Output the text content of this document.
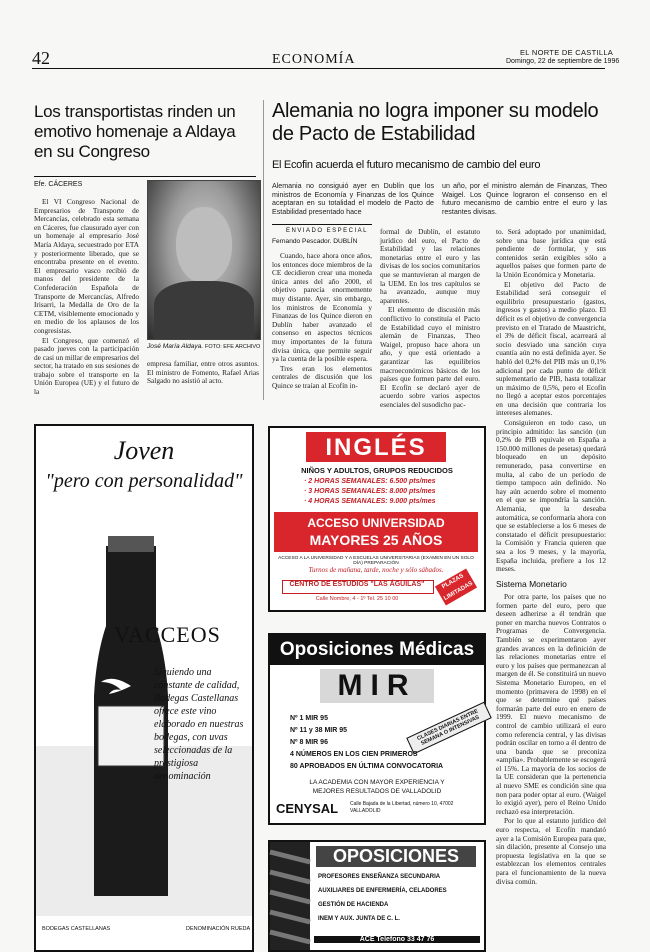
42	ECONOMÍA	EL NORTE DE CASTILLA
Domingo, 22 de septiembre de 1996
Los transportistas rinden un emotivo homenaje a Aldaya en su Congreso
Efe. CÁCERES

El VI Congreso Nacional de Empresarios de Transporte de Mercancías, celebrado esta semana en Cáceres, fue clausurado ayer con un homenaje al empresario José María Aldaya, secuestrado por ETA y posteriormente liberado, que se encontraba presente en el evento. El empresario vasco recibió de manos del presidente de la Confederación Española de Transporte de Mercancías, Alfredo Irisarri, la Medalla de Oro de la CETM, visiblemente emocionado y en medio de los aplausos de los congresistas.

El Congreso, que comenzó el pasado jueves con la participación de casi un millar de empresarios del sector, ha tratado en sus sesiones de trabajo sobre el transporte en la Unión Europea (UE) y el futuro de la

José María Aldaya. FOTO: EFE ARCHIVO

empresa familiar, entre otros asuntos. El ministro de Fomento, Rafael Arias Salgado no asistió al acto.

Alemania no logra imponer su modelo de Pacto de Estabilidad
El Ecofin acuerda el futuro mecanismo de cambio del euro
Alemania no consiguió ayer en Dublín que los ministros de Economía y Finanzas de los Quince aceptaran en su totalidad el modelo de Pacto de Estabilidad presentado hace
un año, por el ministro alemán de Finanzas, Theo Waigel. Los Quince lograron el consenso en el futuro mecanismo de cambio entre el euro y las restantes divisas.
ENVIADO ESPECIAL
Fernando Pescador. DUBLÍN

Cuando, hace ahora once años, los entonces doce miembros de la CE decidieron crear una moneda única antes del año 2000, el objetivo parecía enormemente muy distante. Ayer, sin embargo, los ministros de Economía y Finanzas de los Quince dieron en Dublín haber avanzado el consenso en aspectos técnicos muy importantes de la futura divisa única, que permite seguir ya la cuenta de la posible espera.

Tres eran los elementos centrales de discusión que los Quince se traían al Ecofín in-

formal de Dublín, el estatuto jurídico del euro, el Pacto de Estabilidad y las relaciones monetarias entre el euro y las divisas de los socios comunitarios que se mantuvieran al margen de la UEM. En los tres capítulos se ha avanzado, aunque muy aparentes.

El elemento de discusión más conflictivo lo constituía el Pacto de Estabilidad cuyo el ministro alemán de Finanzas, Theo Waigel, propuso hace ahora un año, y que está orientado a garantizar las equilibrios macroeconómicos básicos de los países que formen parte del euro. El Ecofín se declaró ayer de acuerdo sobre varios aspectos esenciales del susodicho pac-

to. Será adoptado por unanimidad, sobre una base jurídica que está pendiente de formular, y sus contenidos serán exigibles sólo a aquellos países que formen parte de la Unión Económica y Monetaria.

El objetivo del Pacto de Estabilidad será conseguir el equilibrio presupuestario (gastos, ingresos y gastos) a medio plazo. El déficit es el objetivo de convergencia previsto en el Tratado de Maastricht, el 3% de déficit fiscal, acarreará al socio desviado una sanción cuya cuantía aún no está definida ayer. Se habló del 0,2% del PIB más un 0,1% adicional por cada punto de déficit suplementario de PIB, hasta totalizar un máximo de 0,5%, pero el Ecofín no llegó a aceptar estos porcentajes en una decisión que contraria los intereses alemanes.

Consiguieron en todo caso, un principio admitido: las sanción (un 0,2% de PIB equivale en España a 150.000 millones de pesetas) quedará bloqueado en un depósito remunerado, pasa convertirse en multa, al cabo de un período de tiempo tampoco aún definido. No hay aún acuerdo sobre el momento en el que se impondría la sanción. Alemania, que la deseaba automática, se conformaría ahora con que se establecierse a los 6 meses de constatado el déficit presupuestario: la Comisión y Francia quieren que sea a los 9 meses, y la mayoría, España incluida, prefiere a los 12 meses.

Sistema Monetario

Por otra parte, los países que no formen parte del euro, pero que deseen adherirse a él tendrán que poner en marcha nuevos Contratos o Programas de Convergencia. También se experimentaron ayer grandes avances en la definición de las relaciones monetarias entre el euro y los países que permanezcan al margen de él. Se constituirá un nuevo Sistema Monetario Europeo, en el momento (primavera de 1998) en el que se determine qué países formarán parte del euro en enero de 1999. El nuevo mecanismo de control de cambio utilizará el euro como referencia central, y las divisas podrán oscilar en torno a él dentro de una banda que se preconiza «amplia». Probablemente se escogerá el 15%. La mayoría de los socios de la UE consideran que la pertenencia al nuevo SME es condición sine qua non para poder optar al euro. (Waigel lo exigió ayer), pero el Reino Unido rechazó esa interpretación.

Por lo que al estatuto jurídico del euro respecta, el Ecofín mandató ayer a la Comisión Europea para que, sin dilación, presente al Consejo una propuesta legislativa en la que se establezcan los elementos centrales para el funcionamiento de la nueva divisa común.

Joven
"pero con personalidad"
VACCEOS
Siguiendo una constante de calidad, Bodegas Castellanas ofrece este vino elaborado en nuestras bodegas, con uvas seleccionadas de la prestigiosa denominación
BODEGAS CASTELLANAS	DENOMINACIÓN RUEDA
INGLÉS
NIÑOS Y ADULTOS, GRUPOS REDUCIDOS
· 2 HORAS SEMANALES: 6.500 pts/mes
· 3 HORAS SEMANALES: 8.000 pts/mes
· 4 HORAS SEMANALES: 9.000 pts/mes
ACCESO UNIVERSIDAD
MAYORES 25 AÑOS
ACCESO A LA UNIVERSIDAD Y A ESCUELAS UNIVERSITARIAS (EXAMEN EN UN SOLO DÍA) PREPARACIÓN
Turnos de mañana, tarde, noche y sólo sábados.
CENTRO DE ESTUDIOS "LAS ÁGUILAS"
Calle Nombre, 4 - 1º Tel. 25 10 00
PLAZAS LIMITADAS
Oposiciones Médicas
MIR
CLASES DIARIAS ENTRE SEMANA O INTENSIVAS
Nº 1 MIR 95
Nº 11 y 38 MIR 95
Nº 8 MIR 96
4 NÚMEROS EN LOS CIEN PRIMEROS
80 APROBADOS EN ÚLTIMA CONVOCATORIA
LA ACADEMIA CON MAYOR EXPERIENCIA Y
MEJORES RESULTADOS DE VALLADOLID
CENYSAL Calle Bajada de la Libertad, número 10, 47002 VALLADOLID
OPOSICIONES
PROFESORES ENSEÑANZA SECUNDARIA
AUXILIARES DE ENFERMERÍA, CELADORES
GESTIÓN DE HACIENDA
INEM Y AUX. JUNTA DE C. L.
ACE Telefono 33 47 76
